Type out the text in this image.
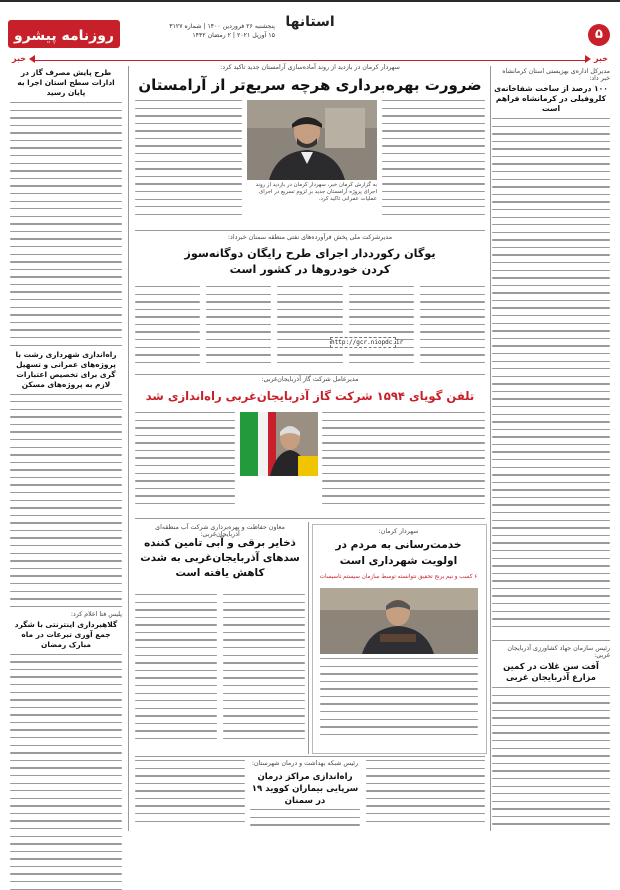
روزنامه پیشرو
پنجشنبه ۲۶ فروردین ۱۴۰۰ | شماره ۳۱۲۷
۱۵ آوریل ۲۰۲۱ | ۲ رمضان ۱۴۴۲
استانها
۵
خبر
خبر

مدیرکل اداره‌ی بهزیستی استان کرمانشاه خبر داد:

۱۰۰ درصد از ساخت شفاخانه‌ی کلروفیلی در کرمانشاه فراهم است

رئیس سازمان جهاد کشاورزی آذربایجان غربی:

آفت سن غلات در کمین مزارع آذربایجان غربی

طرح پایش مصرف گاز در ادارات سطح استان اجرا به پایان رسید

راه‌اندازی شهرداری رشت با پروژه‌های عمرانی و تسهیل گری برای تخصیص اعتبارات لازم به پروژه‌های مسکن

پلیس فتا اعلام کرد:

گلاهبرداری اینترنتی با شگرد جمع آوری تبرعات در ماه مبارک رمضان

سهردار کرمان در بازدید از روند آماده‌سازی آرامستان جدید تاکید کرد:

ضرورت بهره‌برداری هرچه سریع‌تر از آرامستان

به گزارش کرمان خبر، سهردار کرمان در بازدید از روند اجرای پروژه آرامستان جدید بر لزوم تسریع در اجرای عملیات عمرانی تاکید کرد.

مدیرشرکت ملی پخش فرآورده‌های نفتی منطقه سمنان خبرداد:

یوگان رکورددار اجرای طرح رایگان دوگانه‌سوز کردن خودروها در کشور است

http://gcr.niopdc.ir

مدیرعامل شرکت گاز آذربایجان‌غربی:

تلفن گویای ۱۵۹۴ شرکت گاز آذربایجان‌غربی راه‌اندازی شد

سهردار کرمان:

خدمت‌رسانی به مردم در اولویت شهرداری است

۶ کسب و نیم برنج تحقیق نتوانسته توسط سازمان سیستم تاسیسات

معاون حفاظت و بهره‌برداری شرکت آب منطقه‌ای آذربایجان‌غربی:

ذخایر برقی و آبی تامین کننده سدهای آذربایجان‌غربی به شدت کاهش یافته است

رئیس شبکه بهداشت و درمان شهرستان:

راه‌اندازی مراکز درمان سرپایی بیماران کووید ۱۹ در سمنان
